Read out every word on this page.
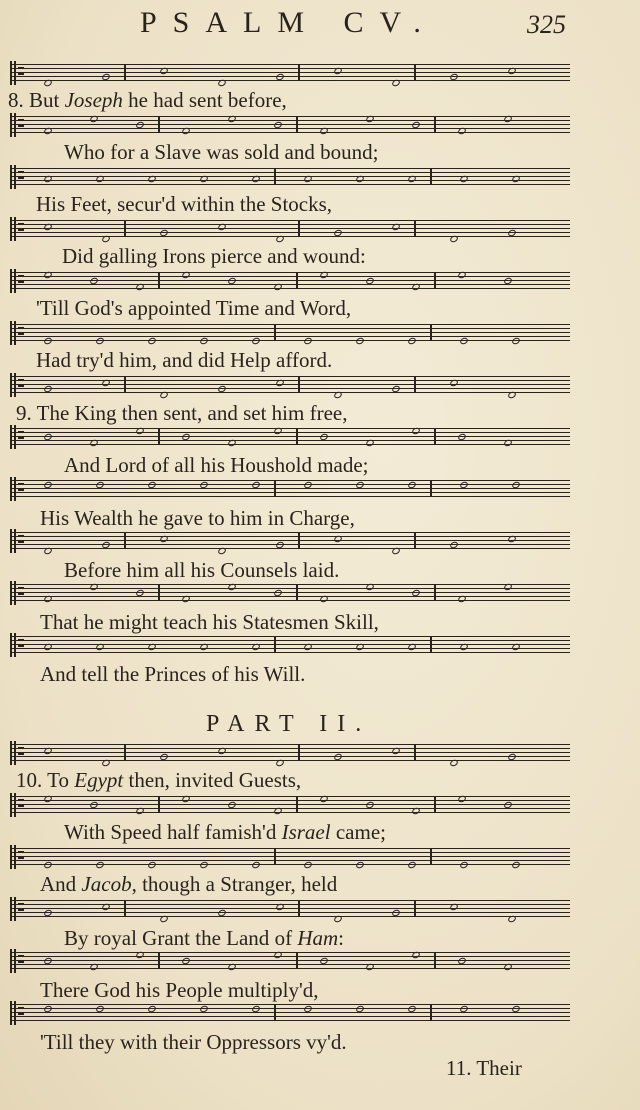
PSALM CV.	325
8. But Joseph he had sent before,
Who for a Slave was sold and bound;
His Feet, secur'd within the Stocks,
Did galling Irons pierce and wound:
'Till God's appointed Time and Word,
Had try'd him, and did Help afford.
9. The King then sent, and set him free,
And Lord of all his Houshold made;
His Wealth he gave to him in Charge,
Before him all his Counsels laid.
That he might teach his Statesmen Skill,
And tell the Princes of his Will.
10. To Egypt then, invited Guests,
With Speed half famish'd Israel came;
And Jacob, though a Stranger, held
By royal Grant the Land of Ham:
There God his People multiply'd,
'Till they with their Oppressors vy'd.
PART II.
11. Their
